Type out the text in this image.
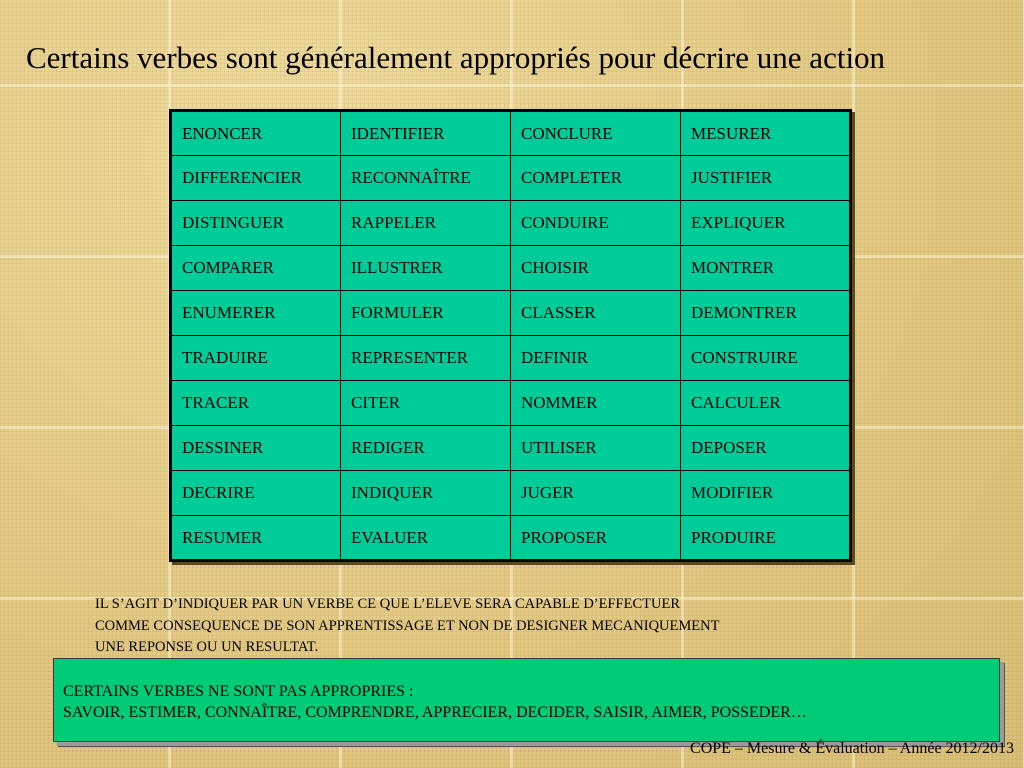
Certains verbes sont généralement appropriés pour décrire une action
ENONCER	IDENTIFIER	CONCLURE	MESURER
DIFFERENCIER	RECONNAÎTRE	COMPLETER	JUSTIFIER
DISTINGUER	RAPPELER	CONDUIRE	EXPLIQUER
COMPARER	ILLUSTRER	CHOISIR	MONTRER
ENUMERER	FORMULER	CLASSER	DEMONTRER
TRADUIRE	REPRESENTER	DEFINIR	CONSTRUIRE
TRACER	CITER	NOMMER	CALCULER
DESSINER	REDIGER	UTILISER	DEPOSER
DECRIRE	INDIQUER	JUGER	MODIFIER
RESUMER	EVALUER	PROPOSER	PRODUIRE
IL S’AGIT D’INDIQUER PAR UN VERBE CE QUE L’ELEVE SERA CAPABLE D’EFFECTUER
COMME CONSEQUENCE DE SON APPRENTISSAGE ET NON DE DESIGNER MECANIQUEMENT
UNE REPONSE OU UN RESULTAT.
CERTAINS VERBES NE SONT PAS APPROPRIES :
SAVOIR, ESTIMER, CONNAÎTRE, COMPRENDRE, APPRECIER, DECIDER, SAISIR, AIMER, POSSEDER…
COPE – Mesure & Évaluation – Année 2012/2013
